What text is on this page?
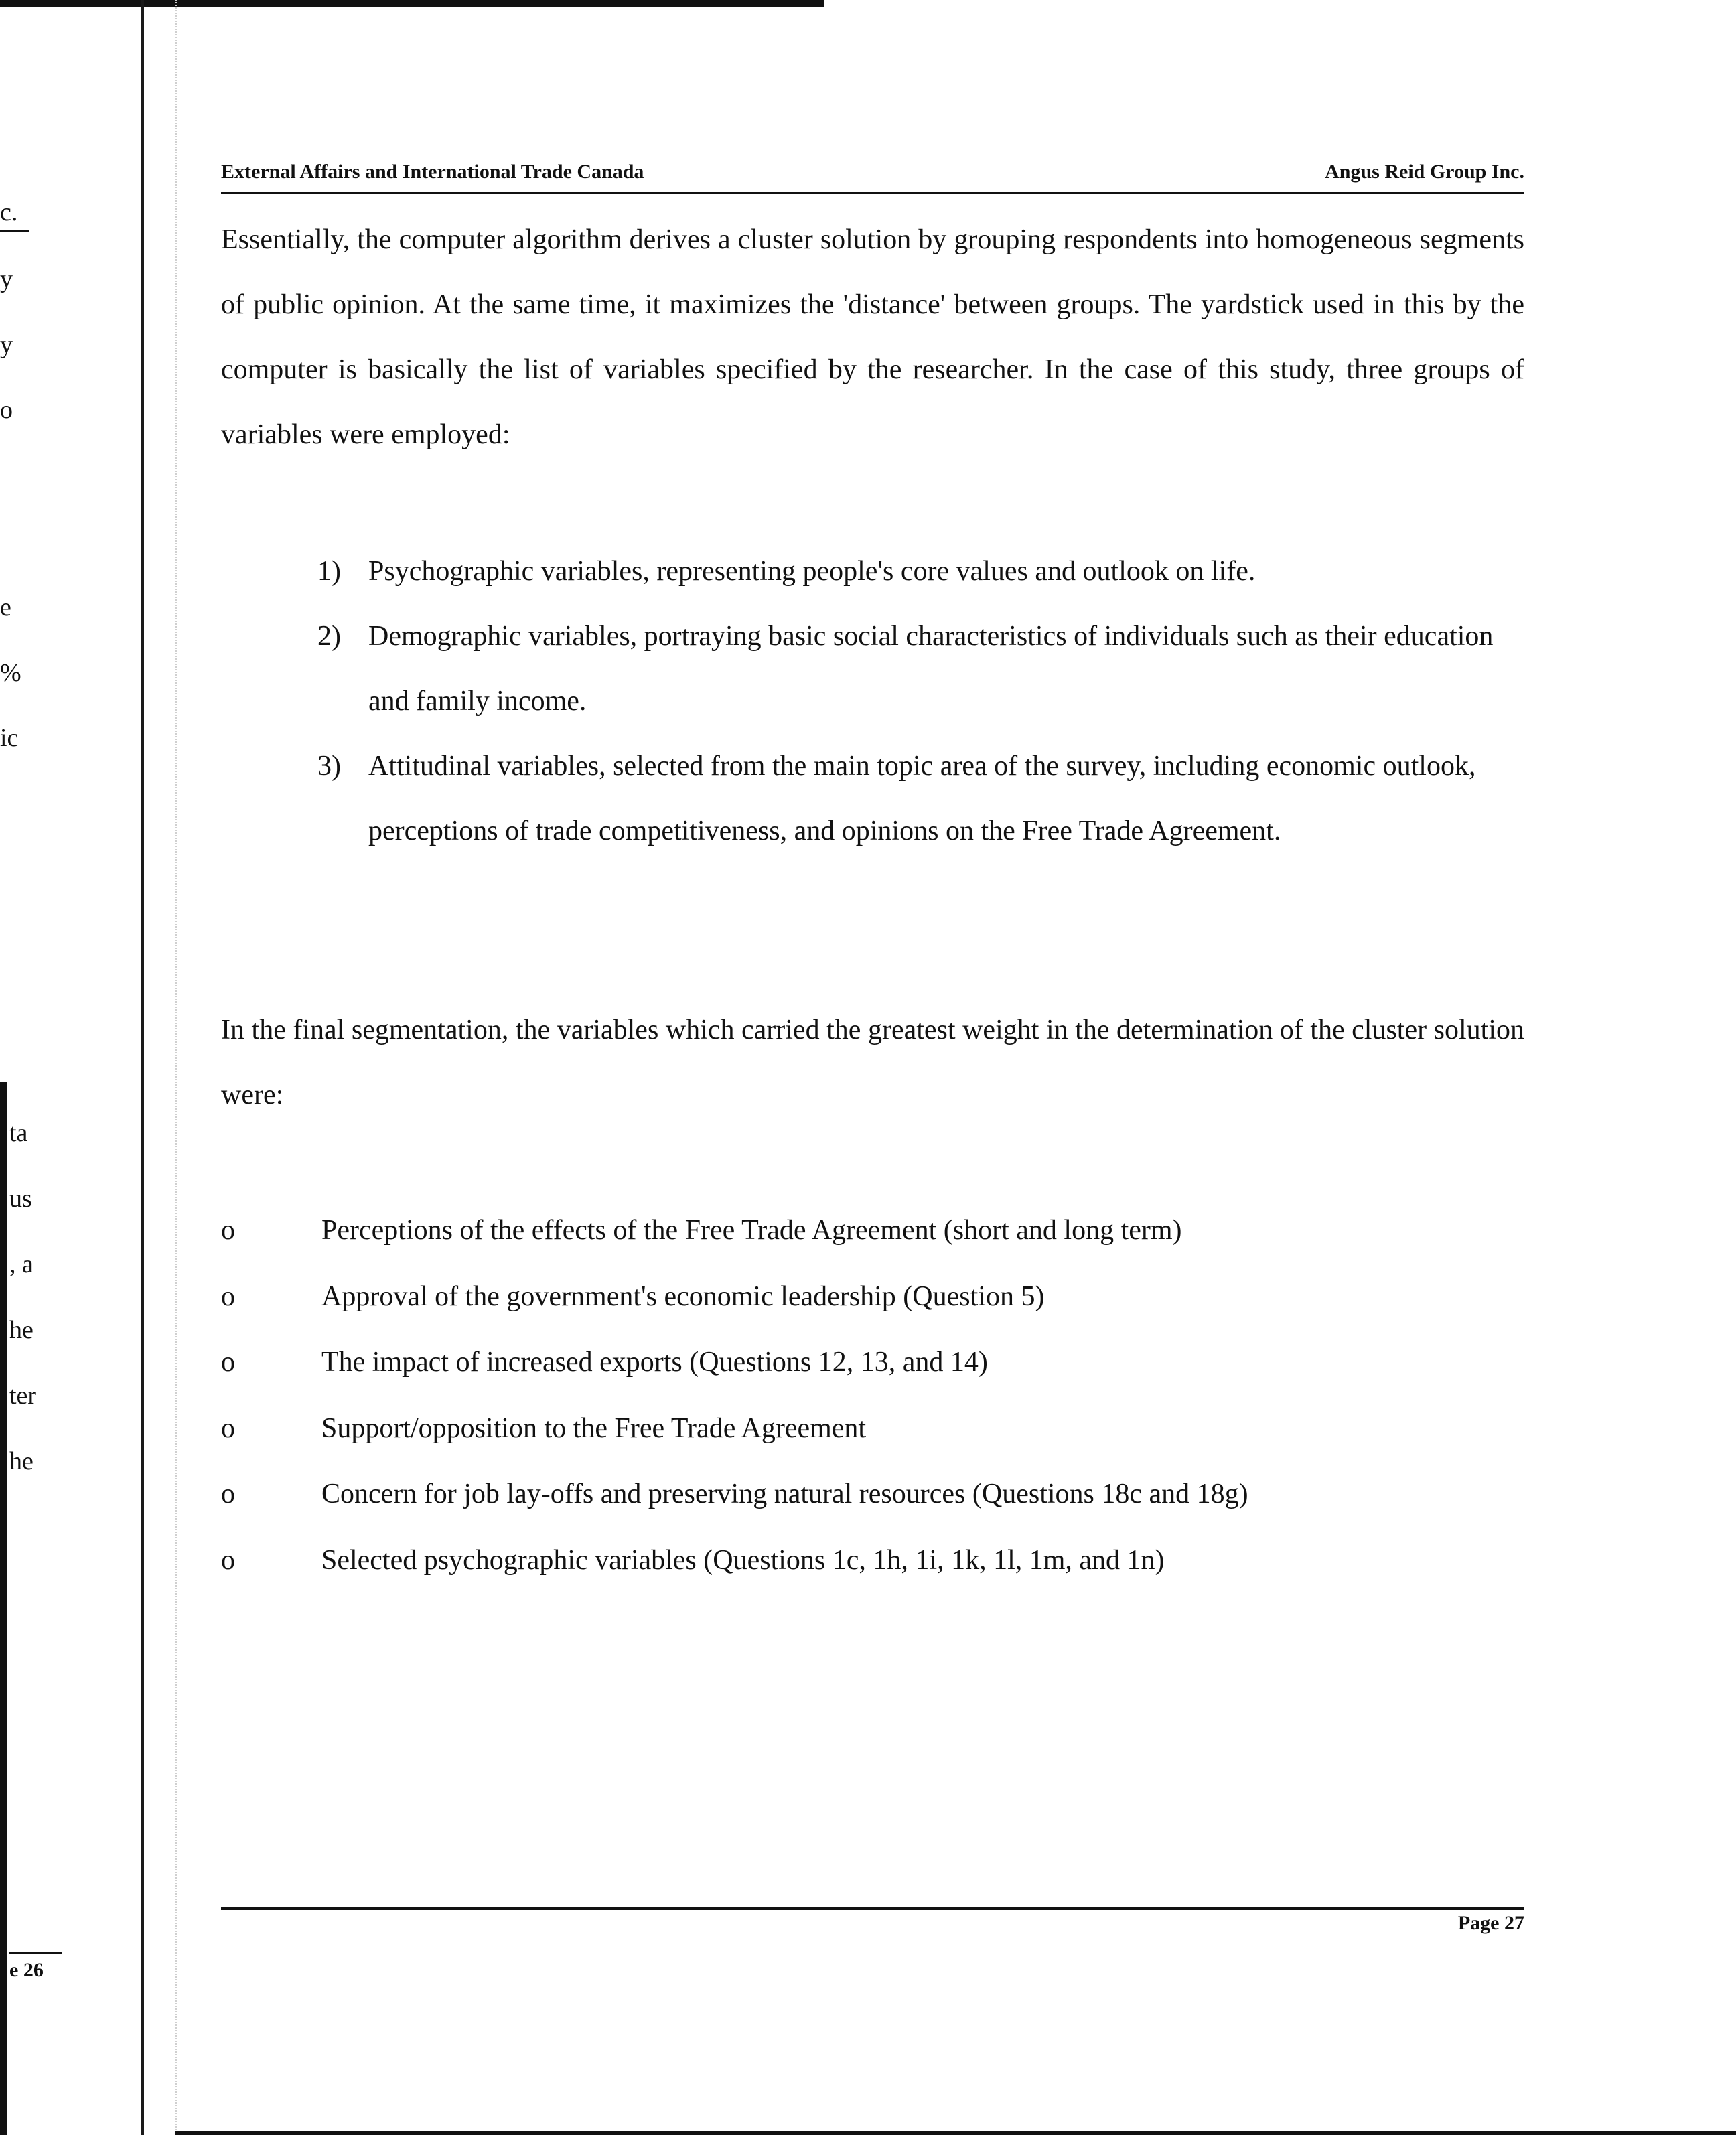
c.
y
y
o
e
%
ic
ta
us
, a
he
ter
he
e 26
External Affairs and International Trade Canada	Angus Reid Group Inc.

Essentially, the computer algorithm derives a cluster solution by grouping respondents into homogeneous segments of public opinion. At the same time, it maximizes the 'distance' between groups. The yardstick used in this by the computer is basically the list of variables specified by the researcher. In the case of this study, three groups of variables were employed:

1) Psychographic variables, representing people's core values and outlook on life.
2) Demographic variables, portraying basic social characteristics of individuals such as their education and family income.
3) Attitudinal variables, selected from the main topic area of the survey, including economic outlook, perceptions of trade competitiveness, and opinions on the Free Trade Agreement.

In the final segmentation, the variables which carried the greatest weight in the determination of the cluster solution were:

o	Perceptions of the effects of the Free Trade Agreement (short and long term)
o	Approval of the government's economic leadership (Question 5)
o	The impact of increased exports (Questions 12, 13, and 14)
o	Support/opposition to the Free Trade Agreement
o	Concern for job lay-offs and preserving natural resources (Questions 18c and 18g)
o	Selected psychographic variables (Questions 1c, 1h, 1i, 1k, 1l, 1m, and 1n)
Page 27
